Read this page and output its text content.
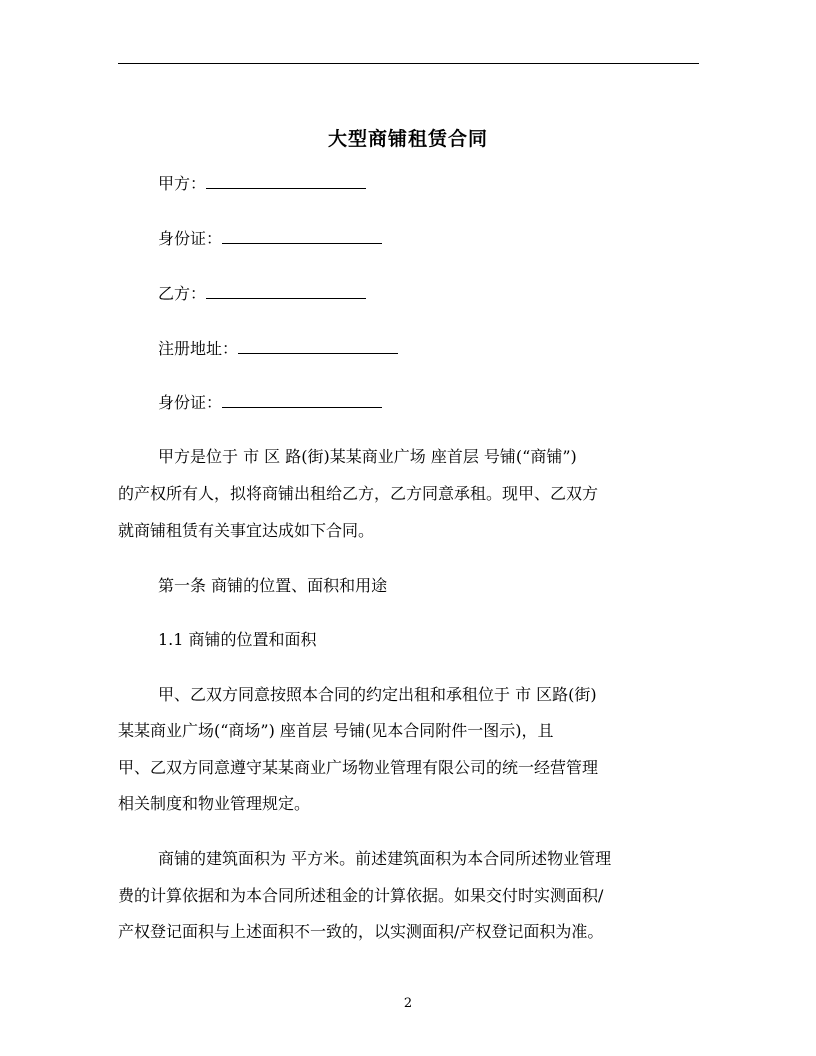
大型商铺租赁合同
甲方：
身份证：
乙方：
注册地址：
身份证：
甲方是位于 市 区 路(街)某某商业广场 座首层 号铺(“商铺”)
的产权所有人，拟将商铺出租给乙方，乙方同意承租。现甲、乙双方
就商铺租赁有关事宜达成如下合同。
第一条 商铺的位置、面积和用途
1.1 商铺的位置和面积
甲、乙双方同意按照本合同的约定出租和承租位于 市 区路(街)
某某商业广场(“商场”) 座首层 号铺(见本合同附件一图示)，且
甲、乙双方同意遵守某某商业广场物业管理有限公司的统一经营管理
相关制度和物业管理规定。
商铺的建筑面积为 平方米。前述建筑面积为本合同所述物业管理
费的计算依据和为本合同所述租金的计算依据。如果交付时实测面积/
产权登记面积与上述面积不一致的，以实测面积/产权登记面积为准。
2
